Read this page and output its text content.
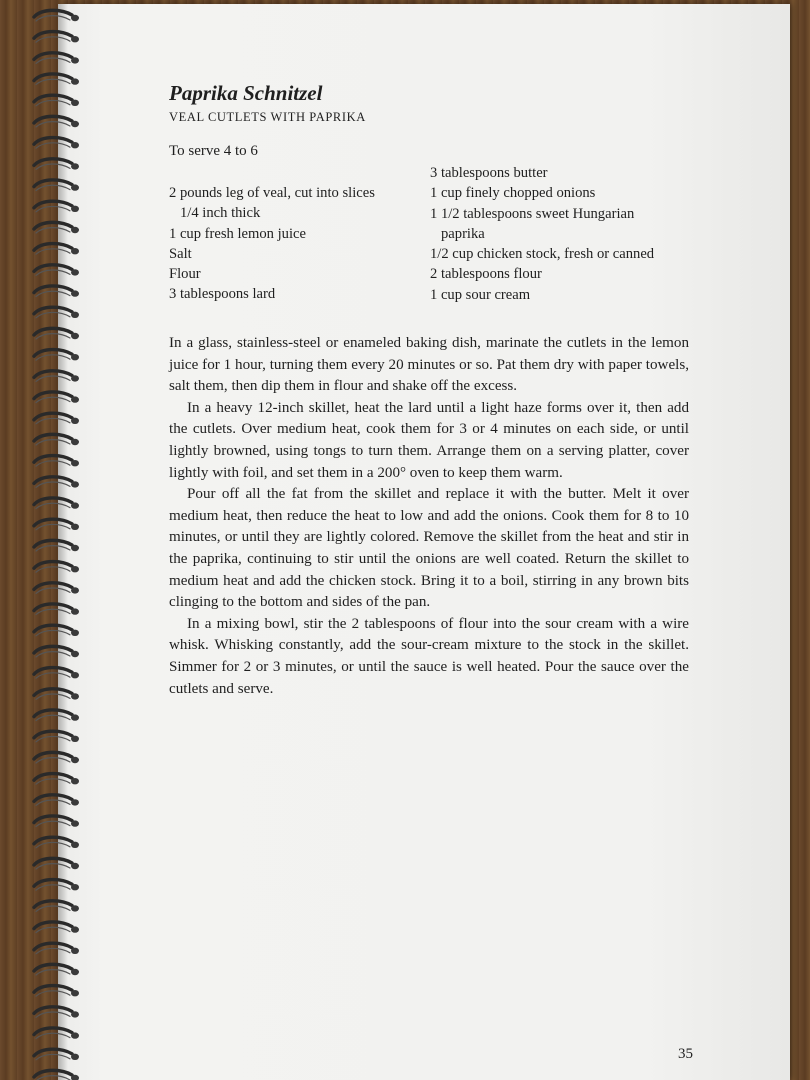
Paprika Schnitzel
VEAL CUTLETS WITH PAPRIKA
To serve 4 to 6
2 pounds leg of veal, cut into slices
1/4 inch thick
1 cup fresh lemon juice
Salt
Flour
3 tablespoons lard
3 tablespoons butter
1 cup finely chopped onions
1 1/2 tablespoons sweet Hungarian
paprika
1/2 cup chicken stock, fresh or canned
2 tablespoons flour
1 cup sour cream

In a glass, stainless-steel or enameled baking dish, marinate the cutlets in the lemon juice for 1 hour, turning them every 20 minutes or so. Pat them dry with paper towels, salt them, then dip them in flour and shake off the excess.

In a heavy 12-inch skillet, heat the lard until a light haze forms over it, then add the cutlets. Over medium heat, cook them for 3 or 4 minutes on each side, or until lightly browned, using tongs to turn them. Arrange them on a serving platter, cover lightly with foil, and set them in a 200° oven to keep them warm.

Pour off all the fat from the skillet and replace it with the butter. Melt it over medium heat, then reduce the heat to low and add the onions. Cook them for 8 to 10 minutes, or until they are lightly colored. Remove the skillet from the heat and stir in the paprika, continuing to stir until the onions are well coated. Return the skillet to medium heat and add the chicken stock. Bring it to a boil, stirring in any brown bits clinging to the bottom and sides of the pan.

In a mixing bowl, stir the 2 tablespoons of flour into the sour cream with a wire whisk. Whisking constantly, add the sour-cream mixture to the stock in the skillet. Simmer for 2 or 3 minutes, or until the sauce is well heated. Pour the sauce over the cutlets and serve.

35
